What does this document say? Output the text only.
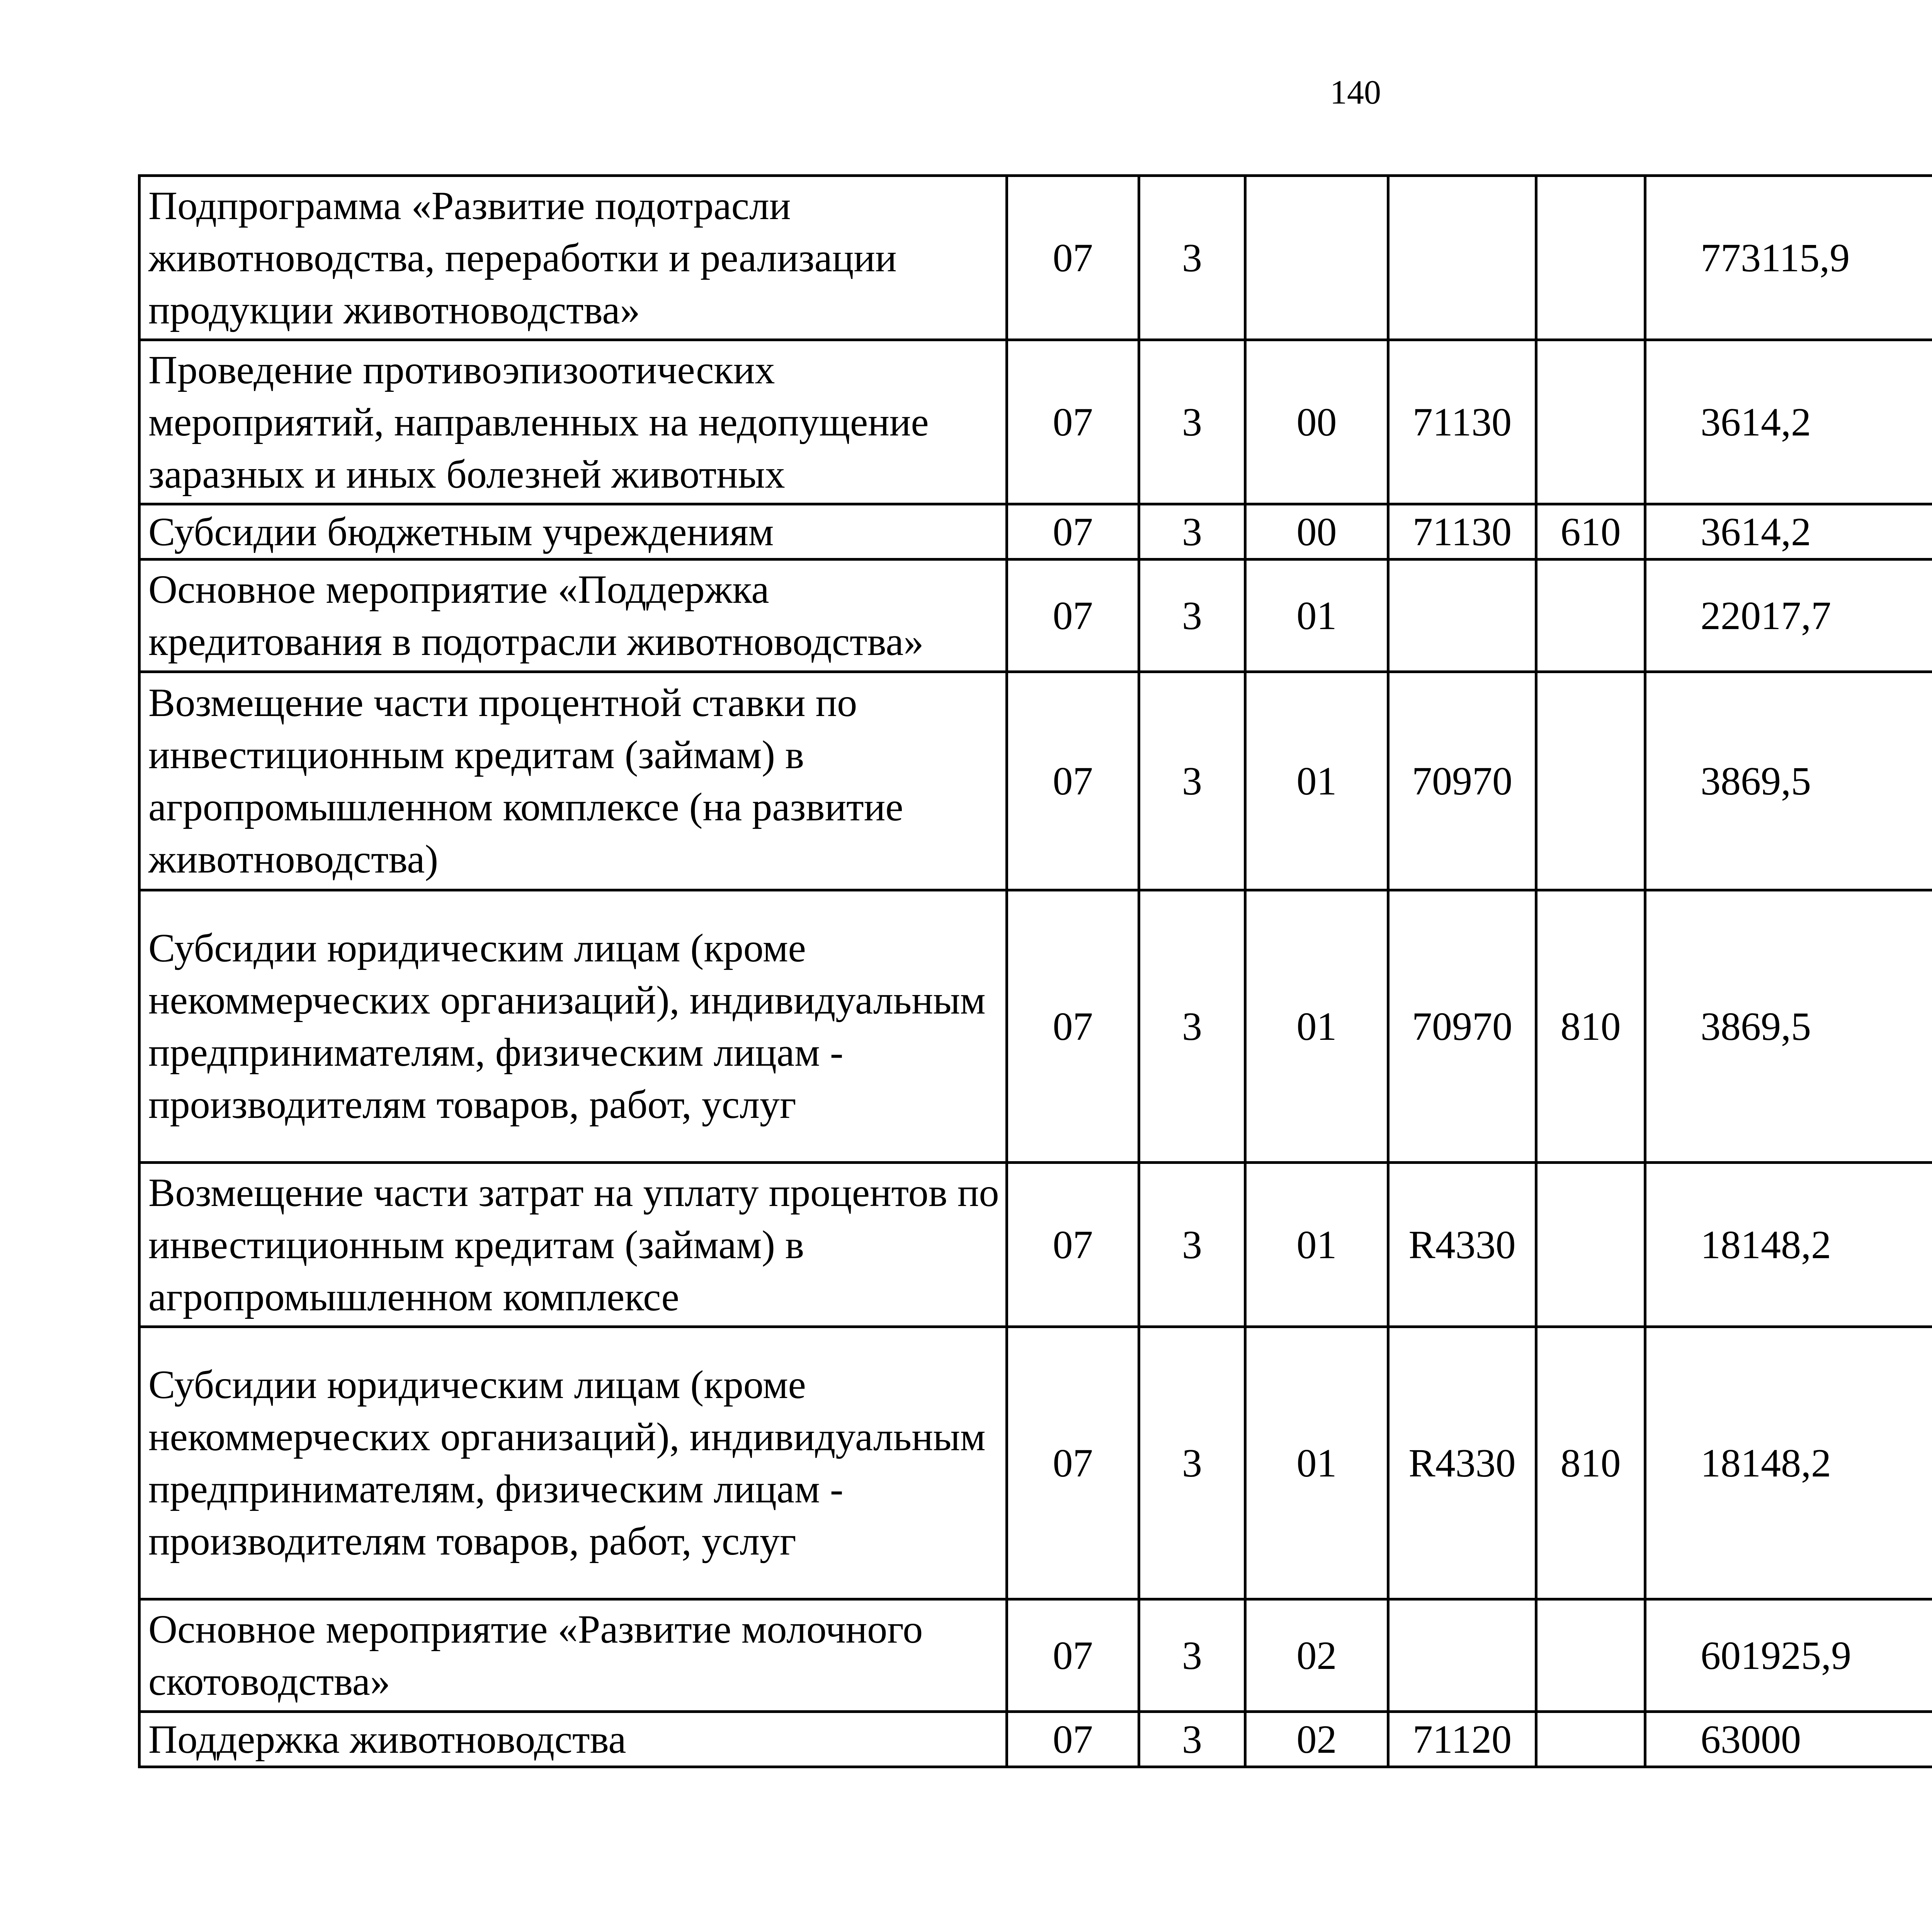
140
Подпрограмма «Развитие подотрасли животноводства, переработки и реализации продукции животноводства»	07	3				773115,9		
Проведение противоэпизоотических мероприятий, направленных на недопущение заразных и иных болезней животных	07	3	00	71130		3614,2		
Субсидии бюджетным учреждениям	07	3	00	71130	610	3614,2		
Основное мероприятие «Поддержка кредитования в подотрасли животноводства»	07	3	01			22017,7		
Возмещение части процентной ставки по инвестиционным кредитам (займам) в агропромышленном комплексе (на развитие животноводства)	07	3	01	70970		3869,5		
Субсидии юридическим лицам (кроме некоммерческих организаций), индивидуальным предпринимателям, физическим лицам - производителям товаров, работ, услуг	07	3	01	70970	810	3869,5		
Возмещение части затрат на уплату процентов по инвестиционным кредитам (займам) в агропромышленном комплексе	07	3	01	R4330		18148,2		
Субсидии юридическим лицам (кроме некоммерческих организаций), индивидуальным предпринимателям, физическим лицам - производителям товаров, работ, услуг	07	3	01	R4330	810	18148,2		
Основное мероприятие «Развитие молочного скотоводства»	07	3	02			601925,9		
Поддержка животноводства	07	3	02	71120		63000		
